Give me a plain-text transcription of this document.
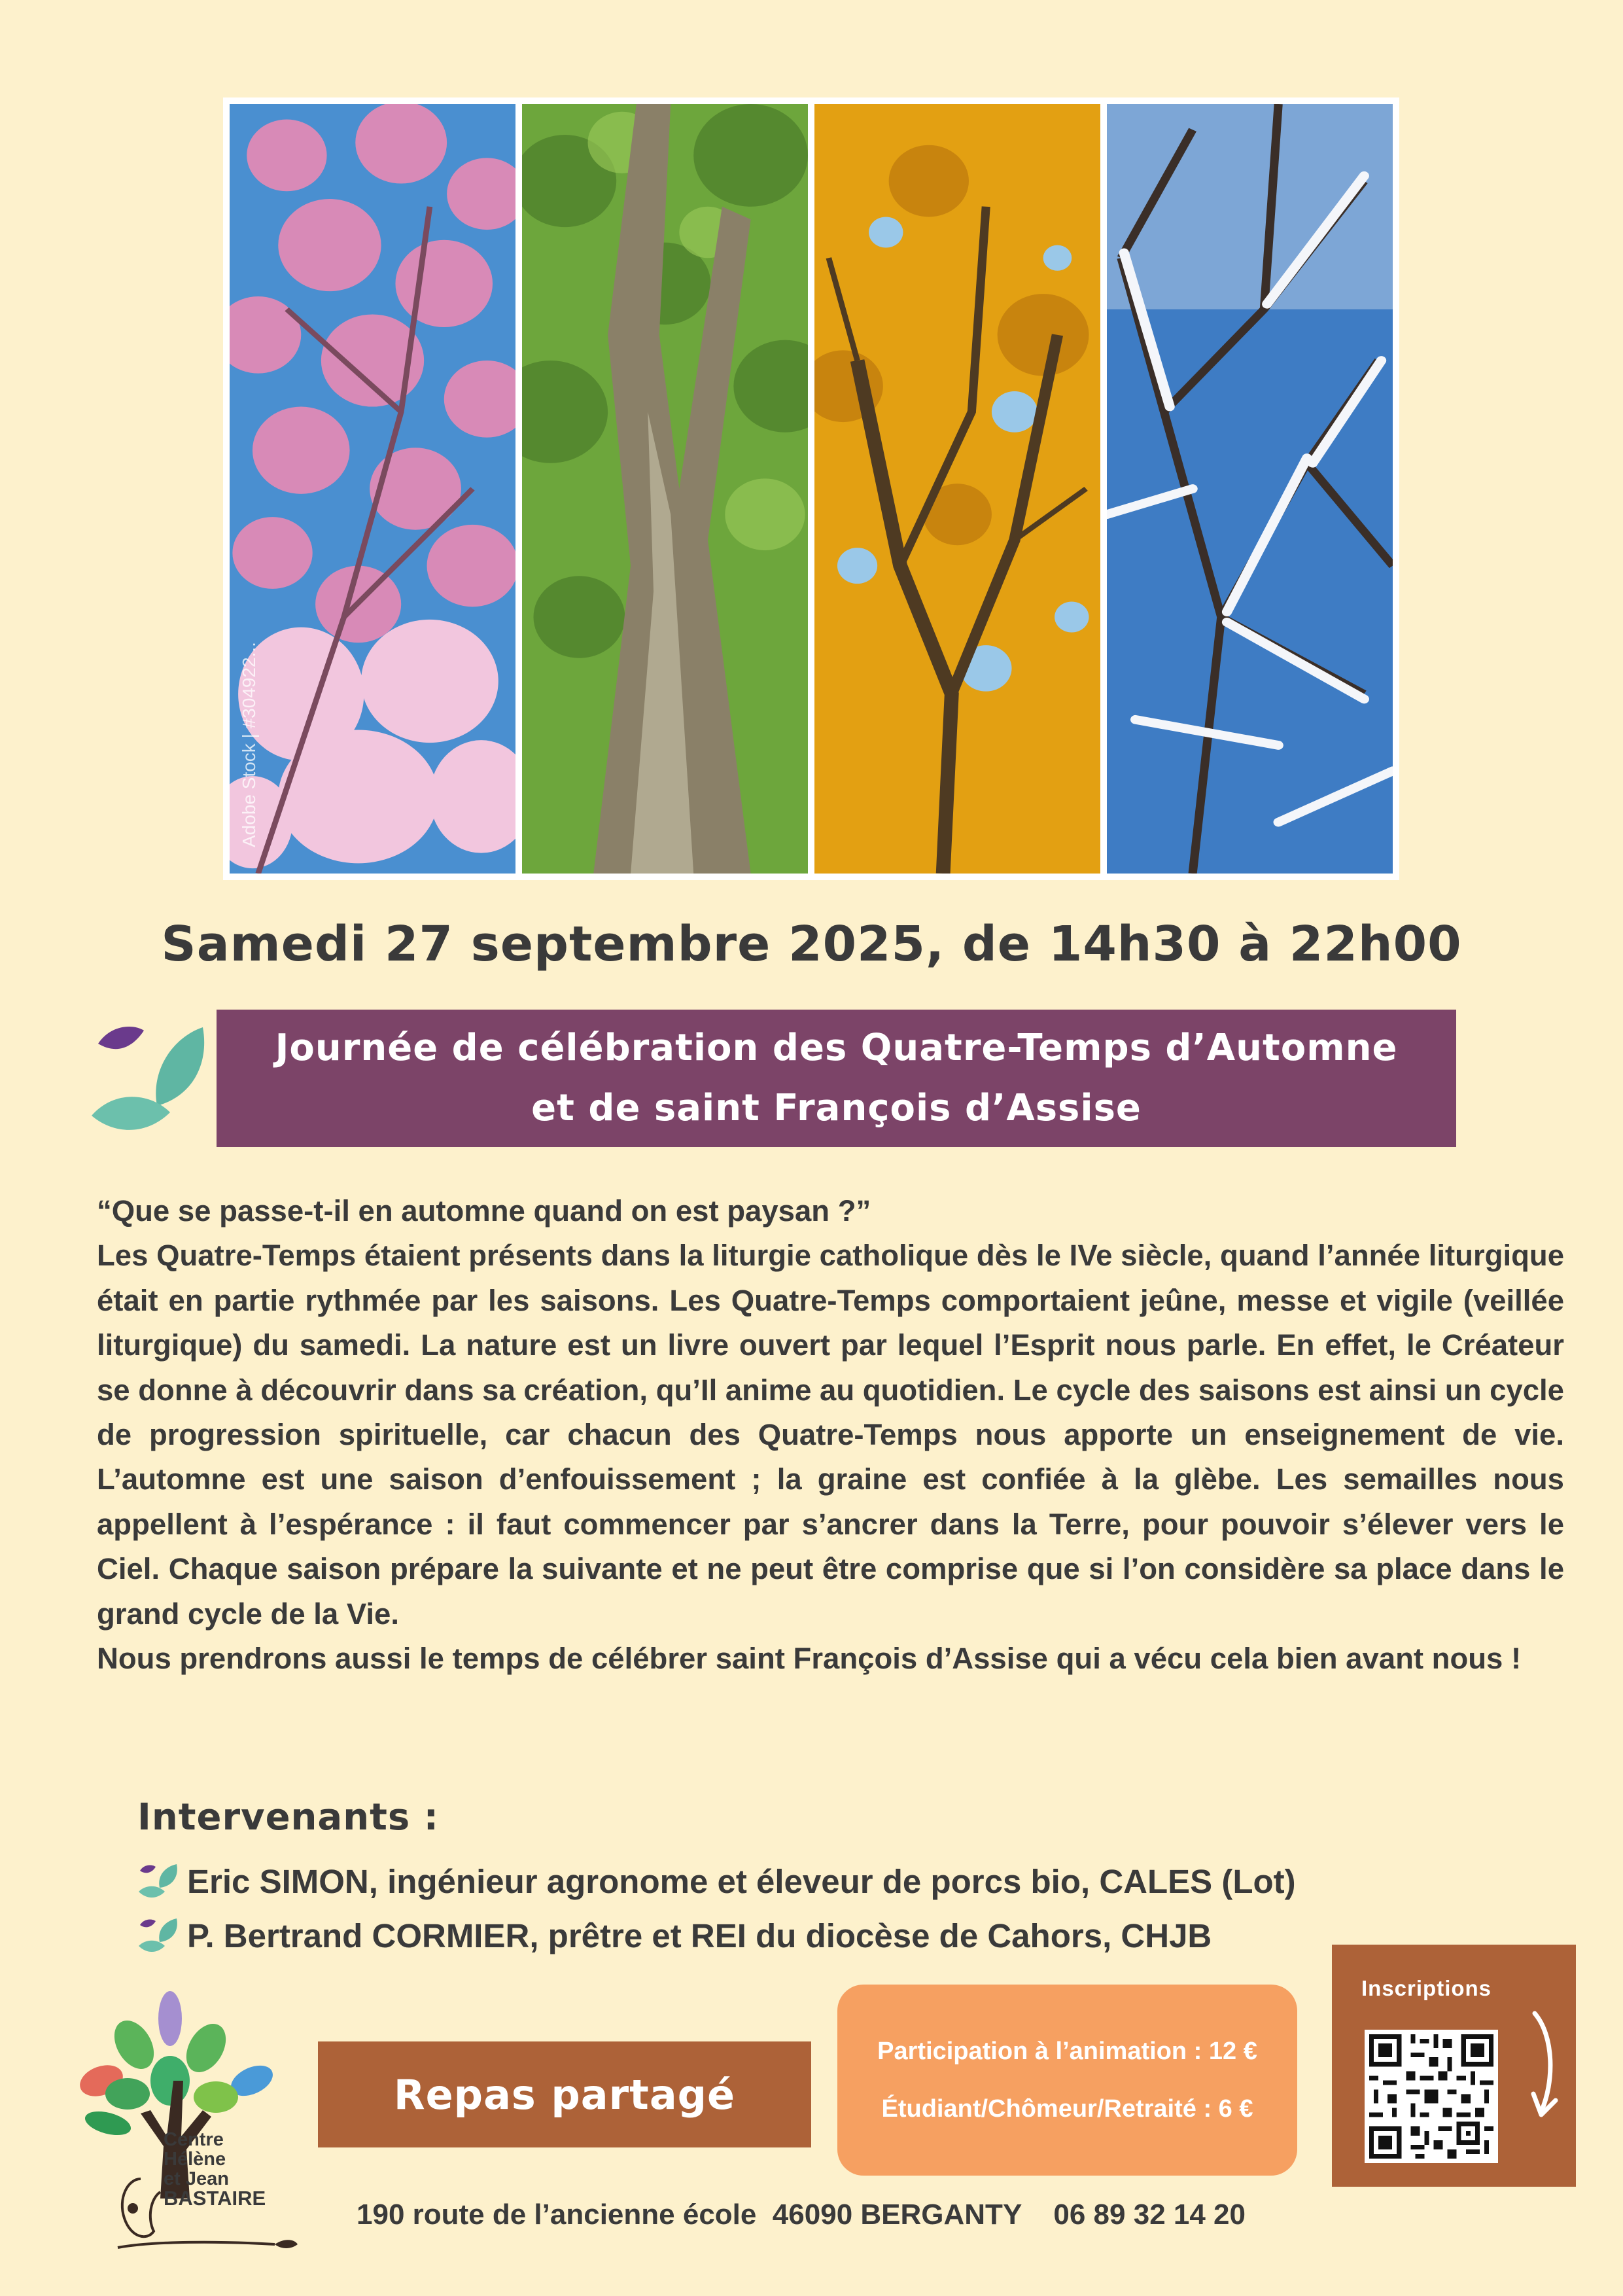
Adobe Stock | #304922...
Samedi 27 septembre 2025, de 14h30 à 22h00
Journée de célébration des Quatre-Temps d’Automne
et de saint François d’Assise

“Que se passe-t-il en automne quand on est paysan ?”

Les Quatre-Temps étaient présents dans la liturgie catholique dès le IVe siècle, quand l’année liturgique était en partie rythmée par les saisons. Les Quatre-Temps comportaient jeûne, messe et vigile (veillée liturgique) du samedi. La nature est un livre ouvert par lequel l’Esprit nous parle. En effet, le Créateur se donne à découvrir dans sa création, qu’Il anime au quotidien. Le cycle des saisons est ainsi un cycle de progression spirituelle, car chacun des Quatre-Temps nous apporte un enseignement de vie. L’automne est une saison d’enfouissement ; la graine est confiée à la glèbe. Les semailles nous appellent à l’espérance : il faut commencer par s’ancrer dans la Terre, pour pouvoir s’élever vers le Ciel. Chaque saison prépare la suivante et ne peut être comprise que si l’on considère sa place dans le grand cycle de la Vie.

Nous prendrons aussi le temps de célébrer saint François d’Assise qui a vécu cela bien avant nous !

Intervenants :
Eric SIMON, ingénieur agronome et éleveur de porcs bio, CALES (Lot)
P. Bertrand CORMIER, prêtre et REI du diocèse de Cahors, CHJB
Centre
Hélène
et Jean
BASTAIRE
Repas partagé
Participation à l’animation : 12 €
Étudiant/Chômeur/Retraité : 6 €
Inscriptions
190 route de l’ancienne école  46090 BERGANTY    06 89 32 14 20
